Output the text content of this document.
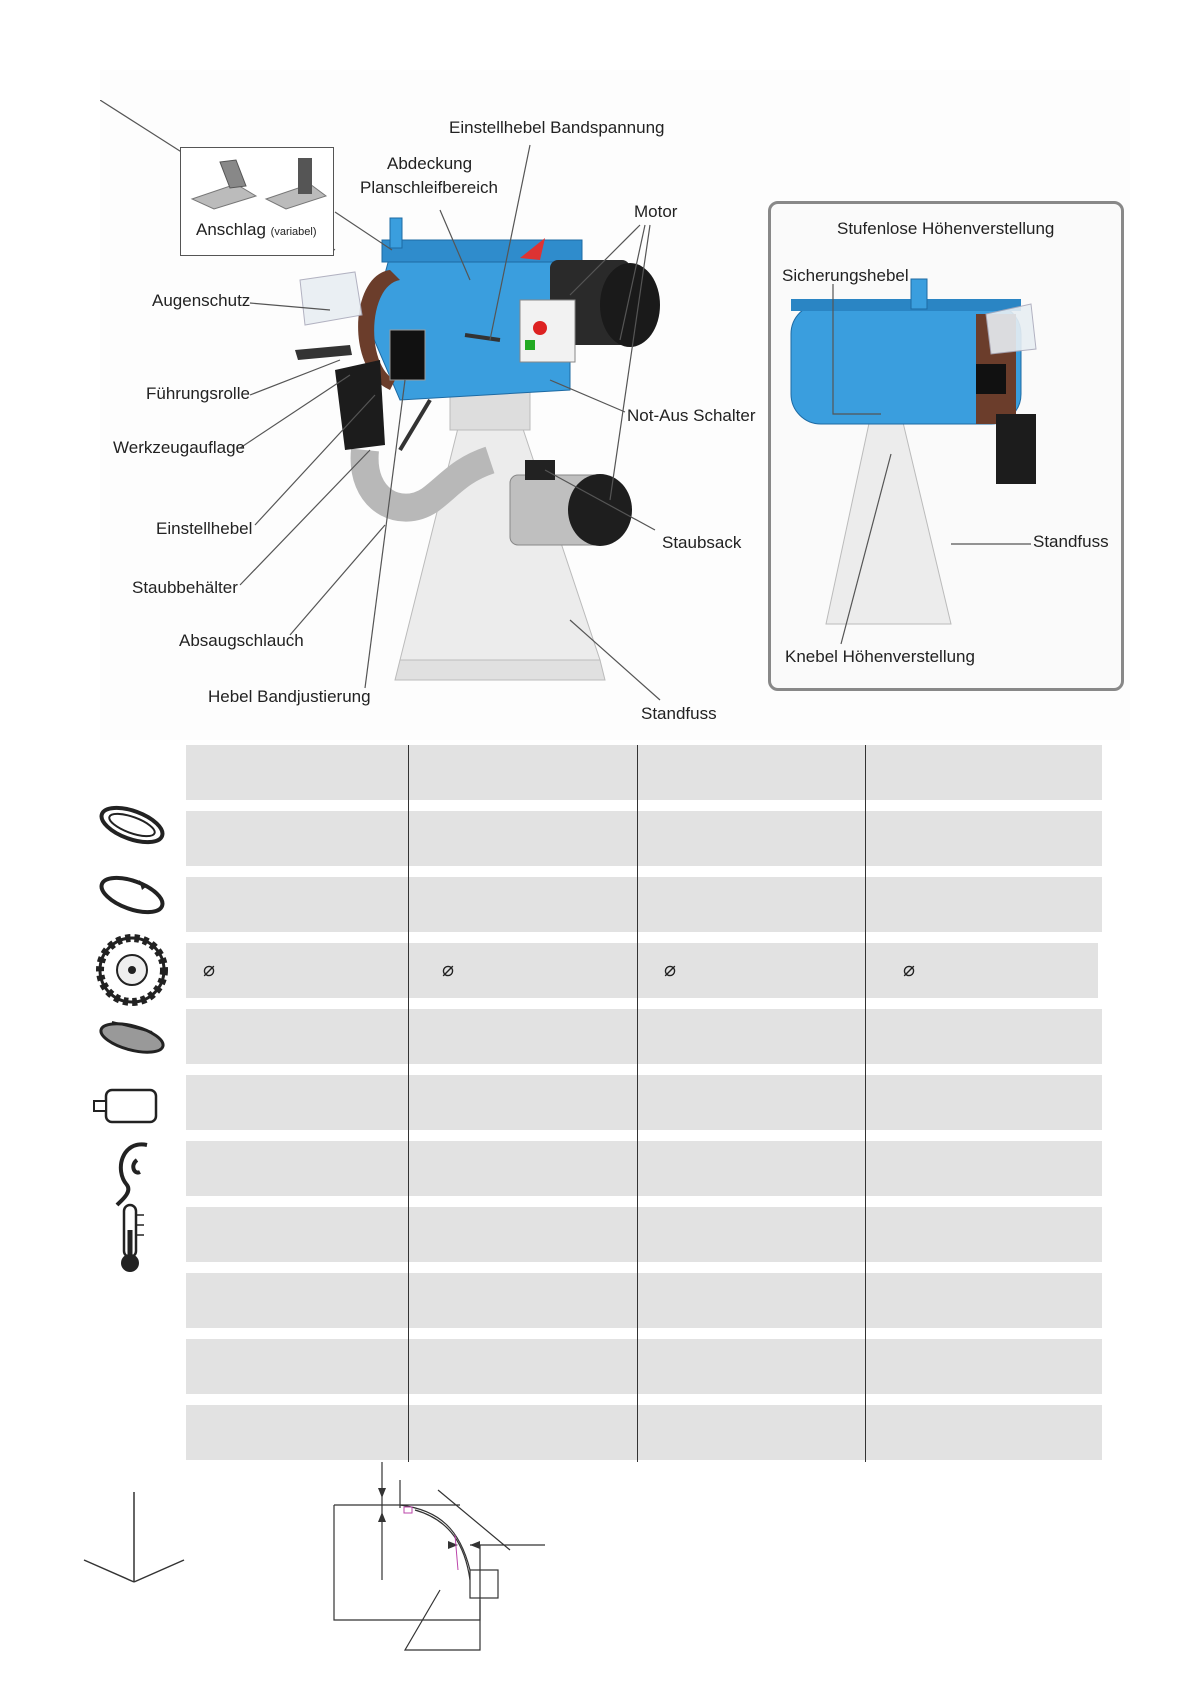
Anschlag (variabel)
Einstellhebel Bandspannung
Abdeckung
Planschleifbereich
Motor
Augenschutz
Führungsrolle
Werkzeugauflage
Einstellhebel
Staubbehälter
Absaugschlauch
Hebel Bandjustierung
Not-Aus Schalter
Staubsack
Standfuss
Stufenlose Höhenverstellung
Sicherungshebel
Standfuss
Knebel Höhenverstellung
⌀	⌀	⌀	⌀
